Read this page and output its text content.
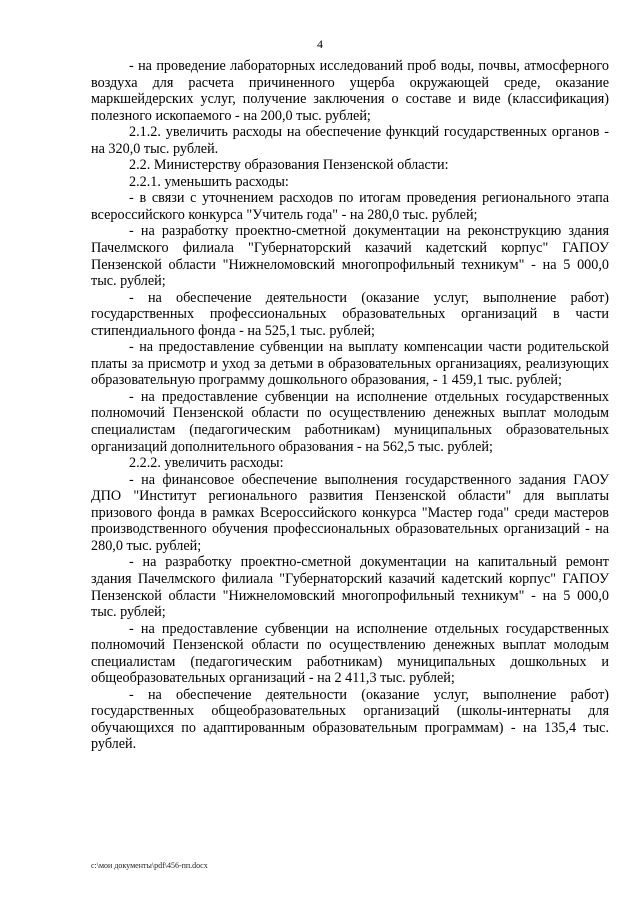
4

- на проведение лабораторных исследований проб воды, почвы, атмосферного воздуха для расчета причиненного ущерба окружающей среде, оказание маркшейдерских услуг, получение заключения о составе и виде (классификация) полезного ископаемого - на 200,0 тыс. рублей;

2.1.2. увеличить расходы на обеспечение функций государственных органов - на 320,0 тыс. рублей.

2.2. Министерству образования Пензенской области:

2.2.1. уменьшить расходы:

- в связи с уточнением расходов по итогам проведения регионального этапа всероссийского конкурса "Учитель года" - на 280,0 тыс. рублей;

- на разработку проектно-сметной документации на реконструкцию здания Пачелмского филиала "Губернаторский казачий кадетский корпус" ГАПОУ Пензенской области "Нижнеломовский многопрофильный техникум" - на 5 000,0 тыс. рублей;

- на обеспечение деятельности (оказание услуг, выполнение работ) государственных профессиональных образовательных организаций в части стипендиального фонда - на 525,1 тыс. рублей;

- на предоставление субвенции на выплату компенсации части родительской платы за присмотр и уход за детьми в образовательных организациях, реализующих образовательную программу дошкольного образования, - 1 459,1 тыс. рублей;

- на предоставление субвенции на исполнение отдельных государственных полномочий Пензенской области по осуществлению денежных выплат молодым специалистам (педагогическим работникам) муниципальных образовательных организаций дополнительного образования - на 562,5 тыс. рублей;

2.2.2. увеличить расходы:

- на финансовое обеспечение выполнения государственного задания ГАОУ ДПО "Институт регионального развития Пензенской области" для выплаты призового фонда в рамках Всероссийского конкурса "Мастер года" среди мастеров производственного обучения профессиональных образовательных организаций - на 280,0 тыс. рублей;

- на разработку проектно-сметной документации на капитальный ремонт здания Пачелмского филиала "Губернаторский казачий кадетский корпус" ГАПОУ Пензенской области "Нижнеломовский многопрофильный техникум" - на 5 000,0 тыс. рублей;

- на предоставление субвенции на исполнение отдельных государственных полномочий Пензенской области по осуществлению денежных выплат молодым специалистам (педагогическим работникам) муниципальных дошкольных и общеобразовательных организаций - на 2 411,3 тыс. рублей;

- на обеспечение деятельности (оказание услуг, выполнение работ) государственных общеобразовательных организаций (школы-интернаты для обучающихся по адаптированным образовательным программам) - на 135,4 тыс. рублей.

c:\мои документы\pdf\456-пп.docx
